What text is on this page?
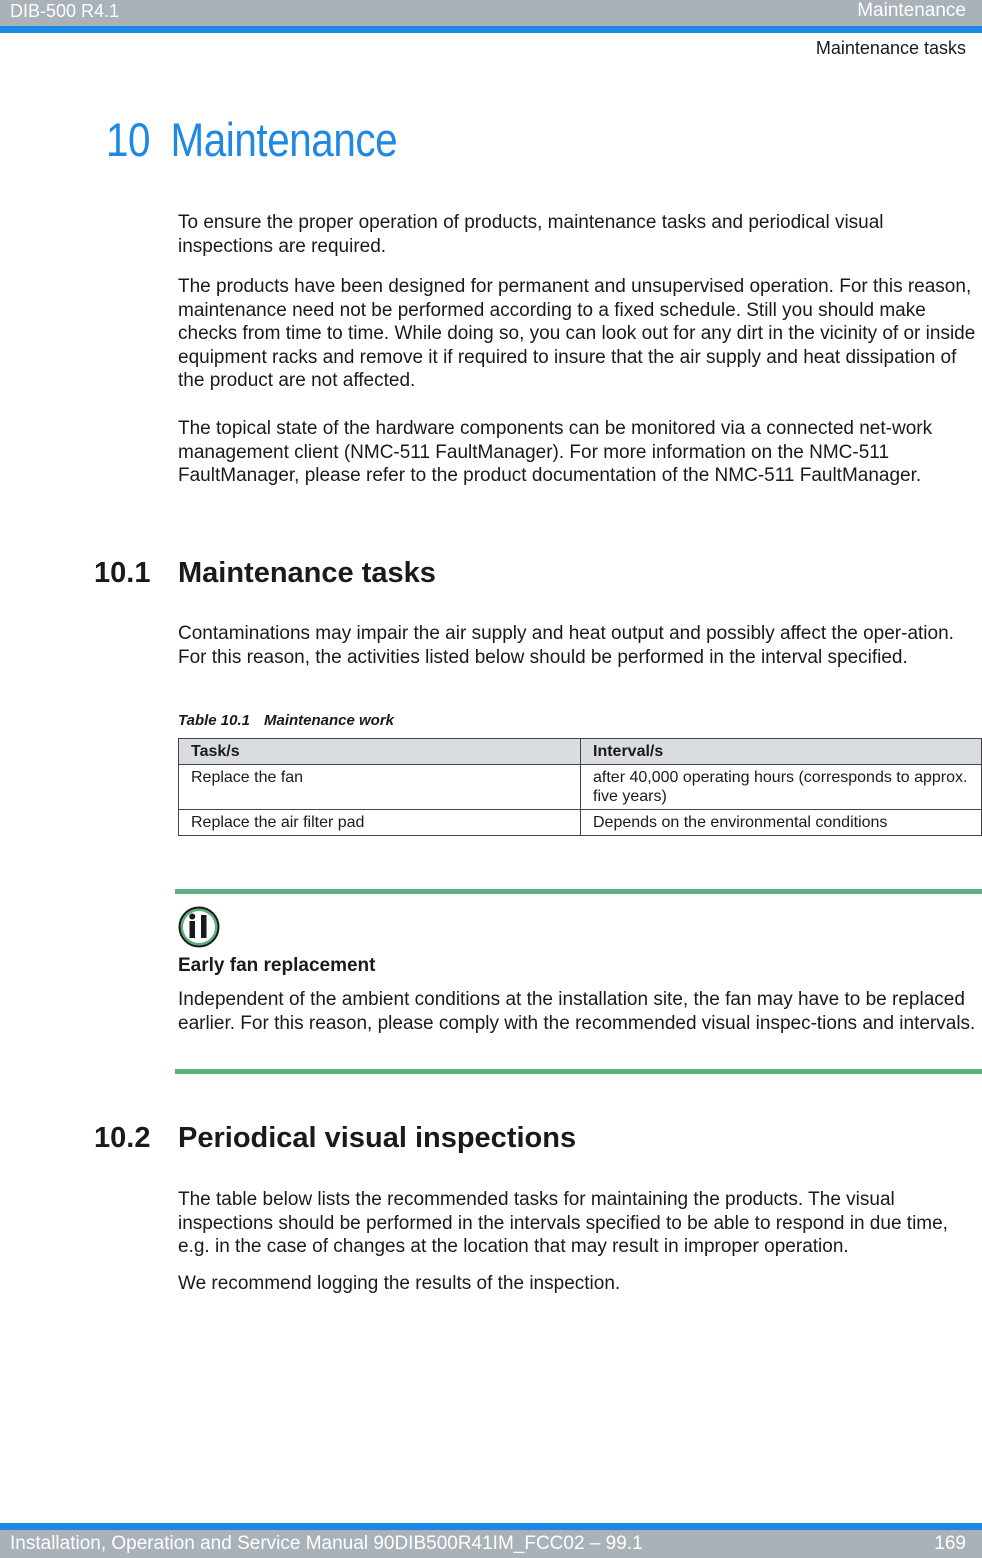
DIB-500 R4.1	Maintenance
Maintenance tasks
10 Maintenance

To ensure the proper operation of products, maintenance tasks and periodical visual inspections are required.

The products have been designed for permanent and unsupervised operation. For this reason, maintenance need not be performed according to a fixed schedule. Still you should make checks from time to time. While doing so, you can look out for any dirt in the vicinity of or inside equipment racks and remove it if required to insure that the air supply and heat dissipation of the product are not affected.

The topical state of the hardware components can be monitored via a connected net-work management client (NMC-511 FaultManager). For more information on the NMC-511 FaultManager, please refer to the product documentation of the NMC-511 FaultManager.

10.1 Maintenance tasks

Contaminations may impair the air supply and heat output and possibly affect the oper-ation. For this reason, the activities listed below should be performed in the interval specified.

Table 10.1 Maintenance work
Task/s	Interval/s
Replace the fan	after 40,000 operating hours (corresponds to approx. five years)
Replace the air filter pad	Depends on the environmental conditions
Early fan replacement

Independent of the ambient conditions at the installation site, the fan may have to be replaced earlier. For this reason, please comply with the recommended visual inspec-tions and intervals.

10.2 Periodical visual inspections

The table below lists the recommended tasks for maintaining the products. The visual inspections should be performed in the intervals specified to be able to respond in due time, e.g. in the case of changes at the location that may result in improper operation.

We recommend logging the results of the inspection.

Installation, Operation and Service Manual 90DIB500R41IM_FCC02 – 99.1	169
